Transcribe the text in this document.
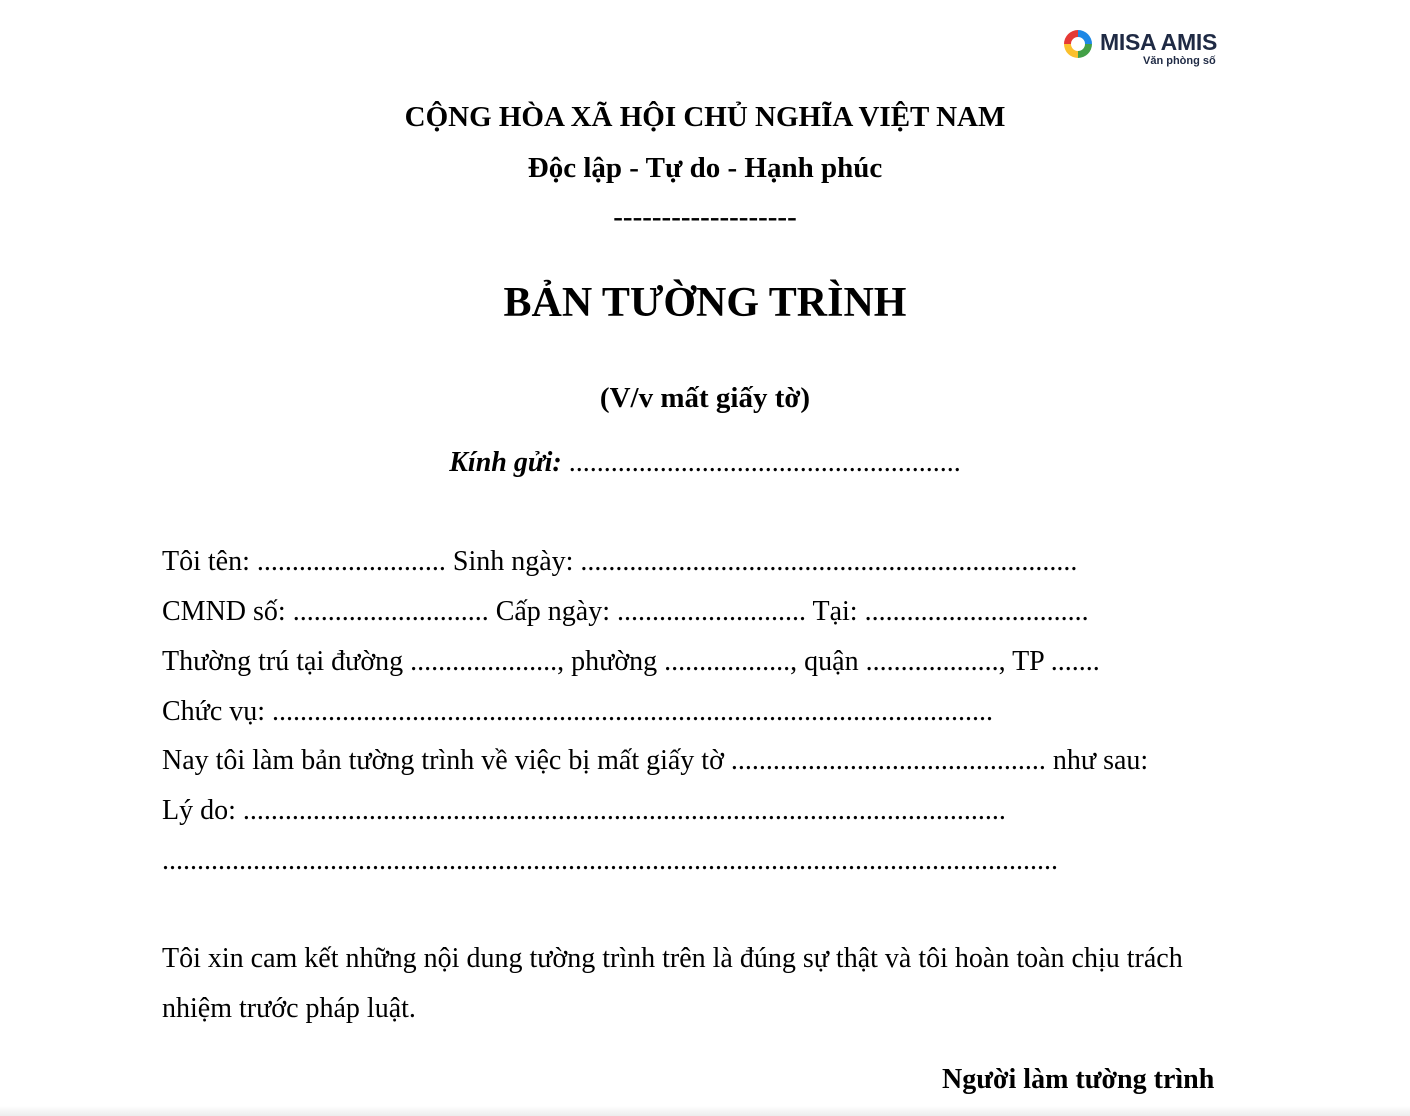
MISA AMIS
Văn phòng số
CỘNG HÒA XÃ HỘI CHỦ NGHĨA VIỆT NAM
Độc lập - Tự do - Hạnh phúc
-------------------
BẢN TƯỜNG TRÌNH
(V/v mất giấy tờ)
Kính gửi: ........................................................
Tôi tên: ........................... Sinh ngày: .......................................................................
CMND số: ............................ Cấp ngày: ........................... Tại: ................................
Thường trú tại đường ....................., phường .................., quận ..................., TP .......
Chức vụ: .......................................................................................................
Nay tôi làm bản tường trình về việc bị mất giấy tờ ............................................. như sau:
Lý do: .............................................................................................................
................................................................................................................................
Tôi xin cam kết những nội dung tường trình trên là đúng sự thật và tôi hoàn toàn chịu trách
nhiệm trước pháp luật.
Người làm tường trình
